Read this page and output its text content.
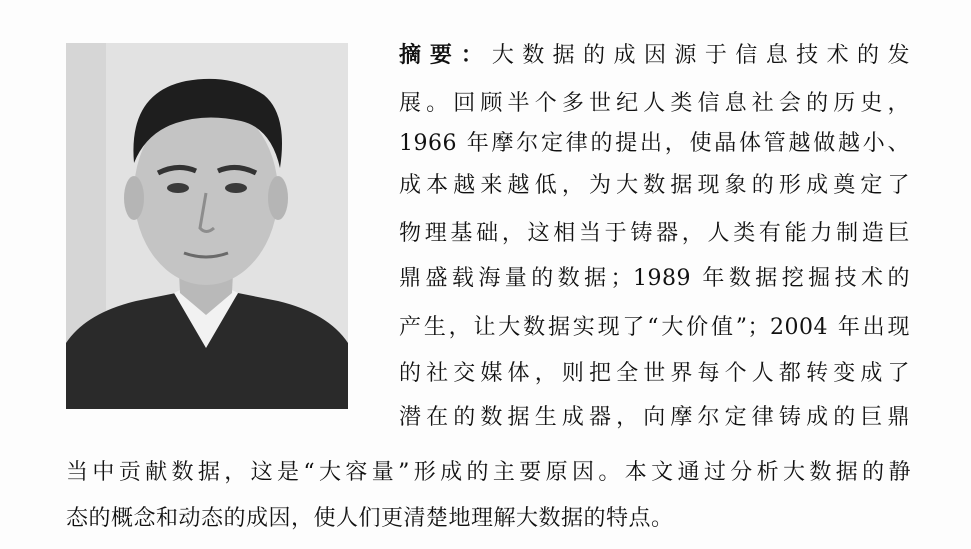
摘要：大数据的成因源于信息技术的发
展。回顾半个多世纪人类信息社会的历史，
1966 年摩尔定律的提出，使晶体管越做越小、
成本越来越低，为大数据现象的形成奠定了
物理基础，这相当于铸器，人类有能力制造巨
鼎盛载海量的数据；1989 年数据挖掘技术的
产生，让大数据实现了“大价值”；2004 年出现
的社交媒体，则把全世界每个人都转变成了
潜在的数据生成器，向摩尔定律铸成的巨鼎
当中贡献数据，这是“大容量”形成的主要原因。本文通过分析大数据的静
态的概念和动态的成因，使人们更清楚地理解大数据的特点。
